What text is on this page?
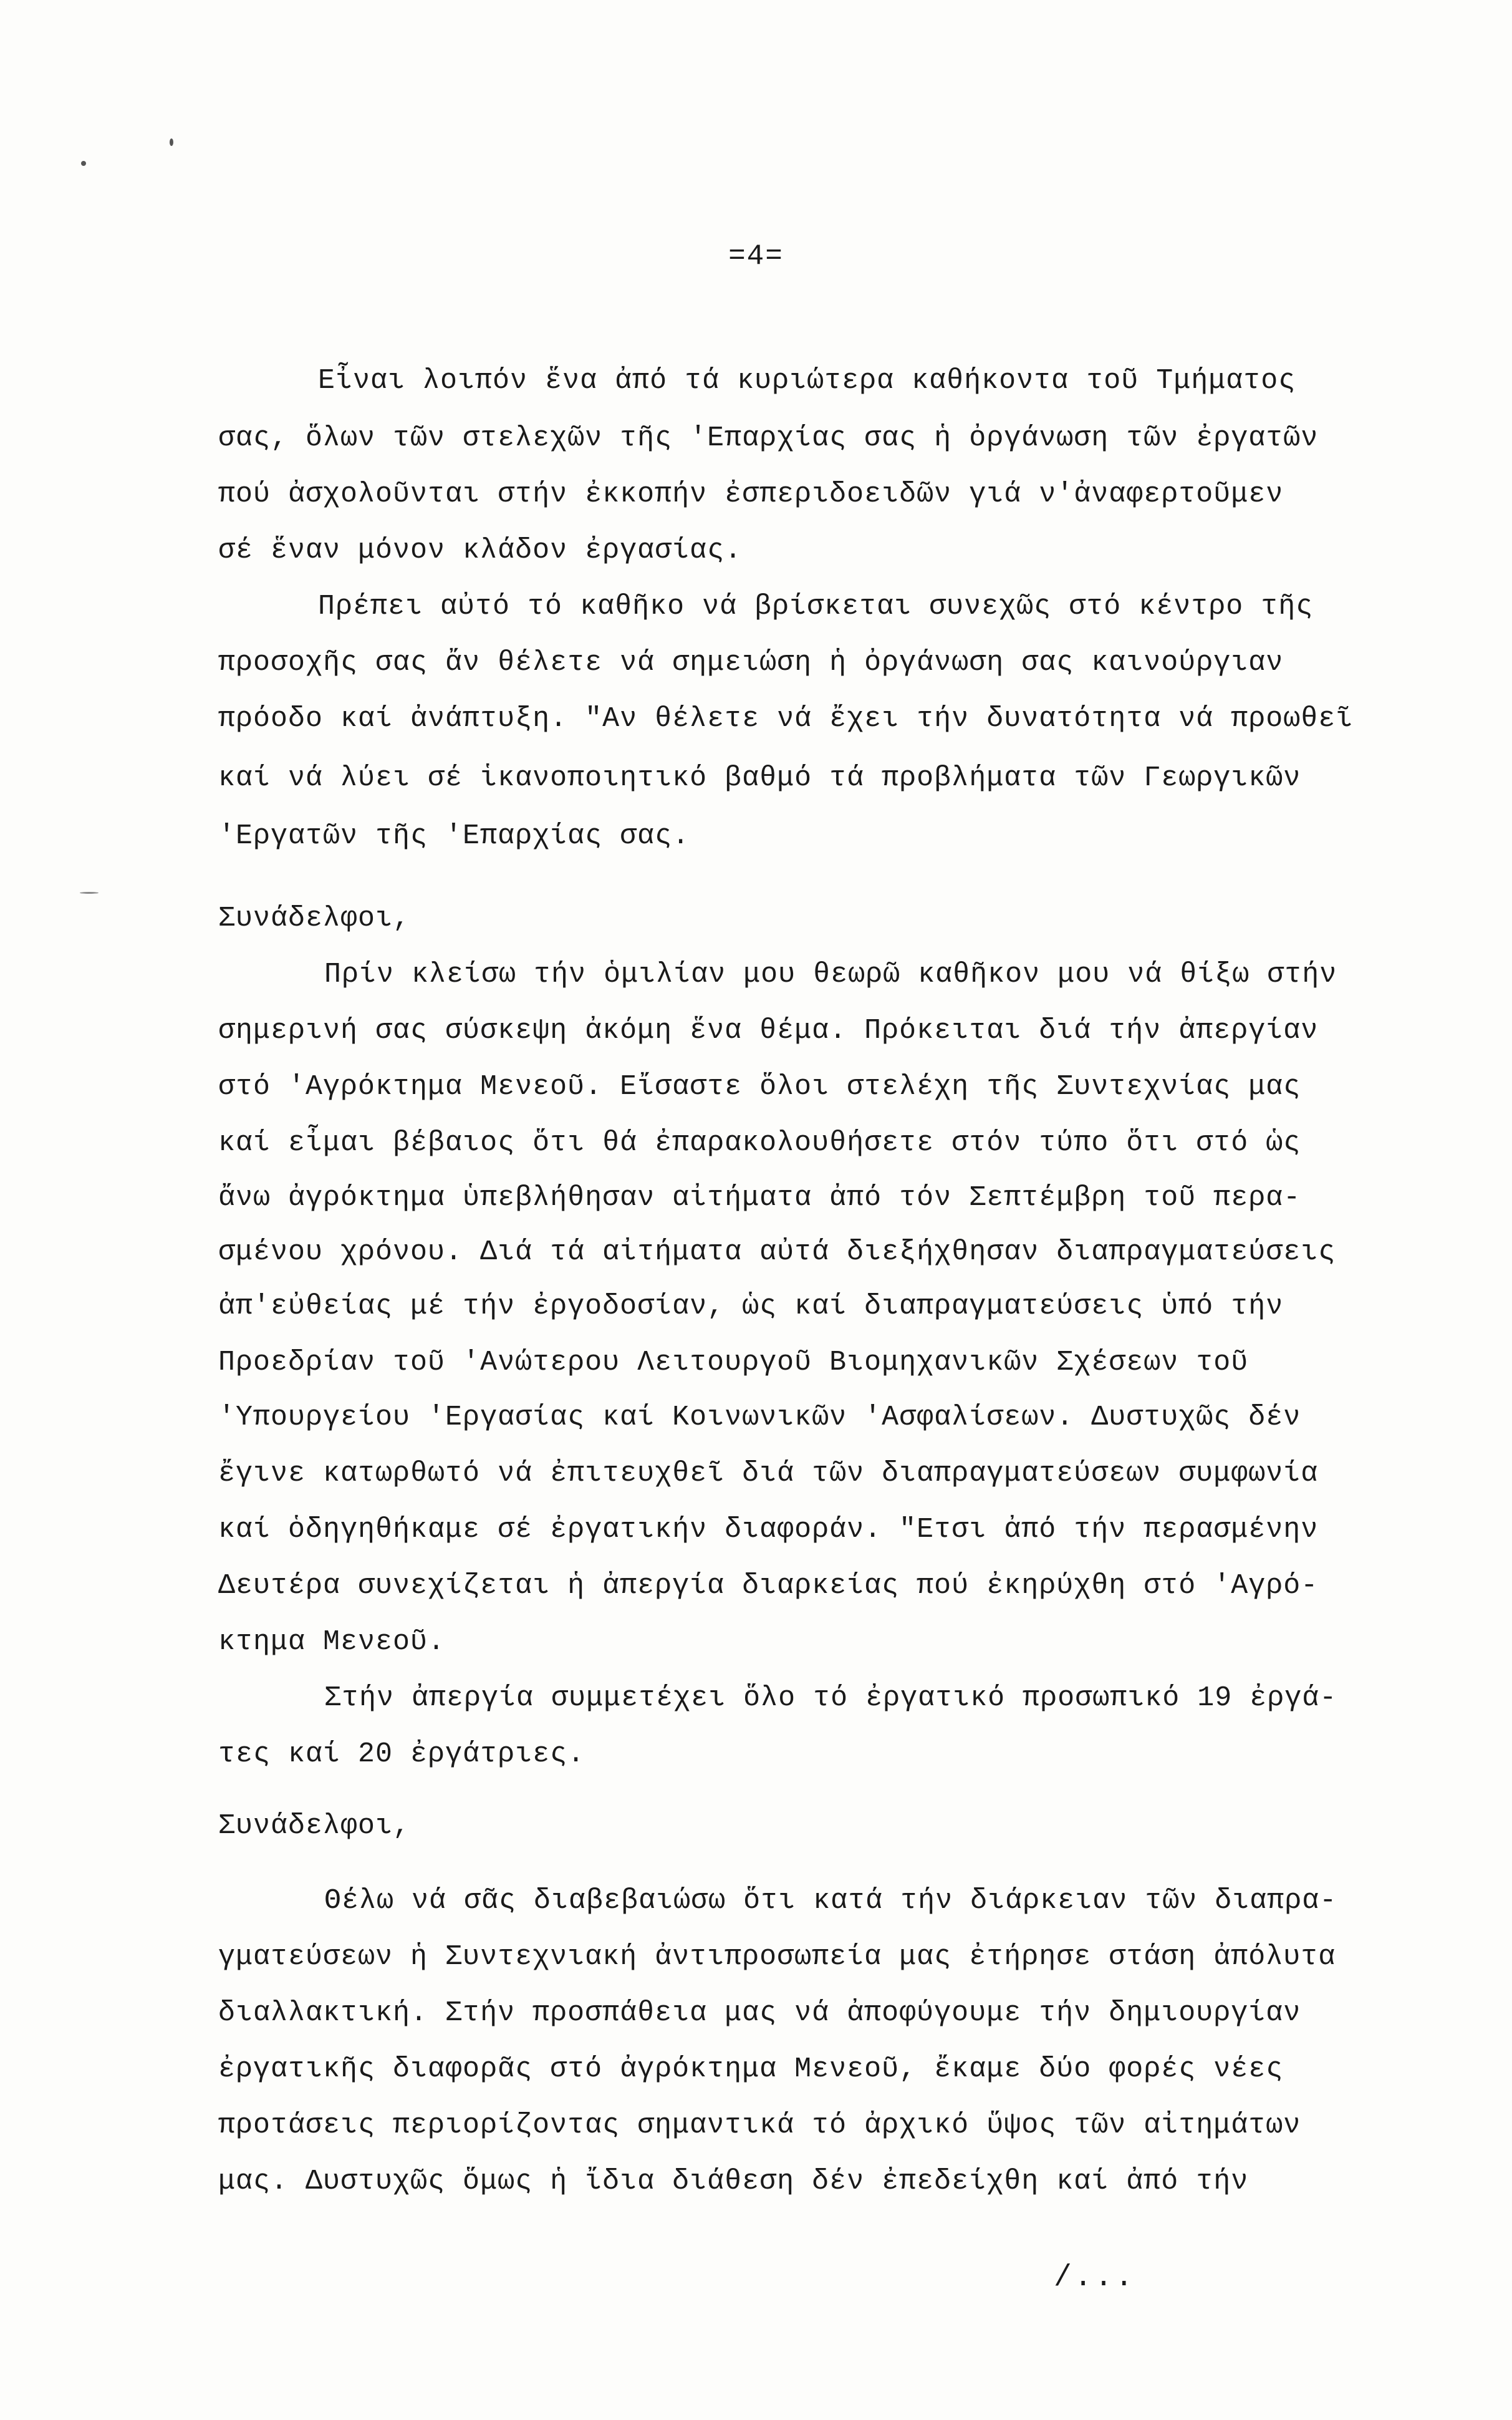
=4=
Εἶναι λοιπόν ἕνα ἀπό τά κυριώτερα καθήκοντα τοῦ Τμήματος
σας, ὅλων τῶν στελεχῶν τῆς 'Επαρχίας σας ἡ ὀργάνωση τῶν ἐργατῶν
πού ἀσχολοῦνται στήν ἐκκοπήν ἐσπεριδοειδῶν γιά ν'ἀναφερτοῦμεν
σέ ἕναν μόνον κλάδον ἐργασίας.
Πρέπει αὐτό τό καθῆκο νά βρίσκεται συνεχῶς στό κέντρο τῆς
προσοχῆς σας ἄν θέλετε νά σημειώση ἡ ὀργάνωση σας καινούργιαν
πρόοδο καί ἀνάπτυξη. "Αν θέλετε νά ἔχει τήν δυνατότητα νά προωθεῖ
καί νά λύει σέ ἱκανοποιητικό βαθμό τά προβλήματα τῶν Γεωργικῶν
'Εργατῶν τῆς 'Επαρχίας σας.
Συνάδελφοι,
Πρίν κλείσω τήν ὁμιλίαν μου θεωρῶ καθῆκον μου νά θίξω στήν
σημερινή σας σύσκεψη ἀκόμη ἕνα θέμα. Πρόκειται διά τήν ἀπεργίαν
στό 'Αγρόκτημα Μενεοῦ. Εἴσαστε ὅλοι στελέχη τῆς Συντεχνίας μας
καί εἶμαι βέβαιος ὅτι θά ἐπαρακολουθήσετε στόν τύπο ὅτι στό ὡς
ἄνω ἀγρόκτημα ὑπεβλήθησαν αἰτήματα ἀπό τόν Σεπτέμβρη τοῦ περα-
σμένου χρόνου. Διά τά αἰτήματα αὐτά διεξήχθησαν διαπραγματεύσεις
ἀπ'εὐθείας μέ τήν ἐργοδοσίαν, ὡς καί διαπραγματεύσεις ὑπό τήν
Προεδρίαν τοῦ 'Ανώτερου Λειτουργοῦ Βιομηχανικῶν Σχέσεων τοῦ
'Υπουργείου 'Εργασίας καί Κοινωνικῶν 'Ασφαλίσεων. Δυστυχῶς δέν
ἔγινε κατωρθωτό νά ἐπιτευχθεῖ διά τῶν διαπραγματεύσεων συμφωνία
καί ὁδηγηθήκαμε σέ ἐργατικήν διαφοράν. "Ετσι ἀπό τήν περασμένην
Δευτέρα συνεχίζεται ἡ ἀπεργία διαρκείας πού ἐκηρύχθη στό 'Αγρό-
κτημα Μενεοῦ.
Στήν ἀπεργία συμμετέχει ὅλο τό ἐργατικό προσωπικό 19 ἐργά-
τες καί 20 ἐργάτριες.
Συνάδελφοι,
Θέλω νά σᾶς διαβεβαιώσω ὅτι κατά τήν διάρκειαν τῶν διαπρα-
γματεύσεων ἡ Συντεχνιακή ἀντιπροσωπεία μας ἐτήρησε στάση ἀπόλυτα
διαλλακτική. Στήν προσπάθεια μας νά ἀποφύγουμε τήν δημιουργίαν
ἐργατικῆς διαφορᾶς στό ἀγρόκτημα Μενεοῦ, ἔκαμε δύο φορές νέες
προτάσεις περιορίζοντας σημαντικά τό ἀρχικό ὕψος τῶν αἰτημάτων
μας. Δυστυχῶς ὅμως ἡ ἴδια διάθεση δέν ἐπεδείχθη καί ἀπό τήν
/...
